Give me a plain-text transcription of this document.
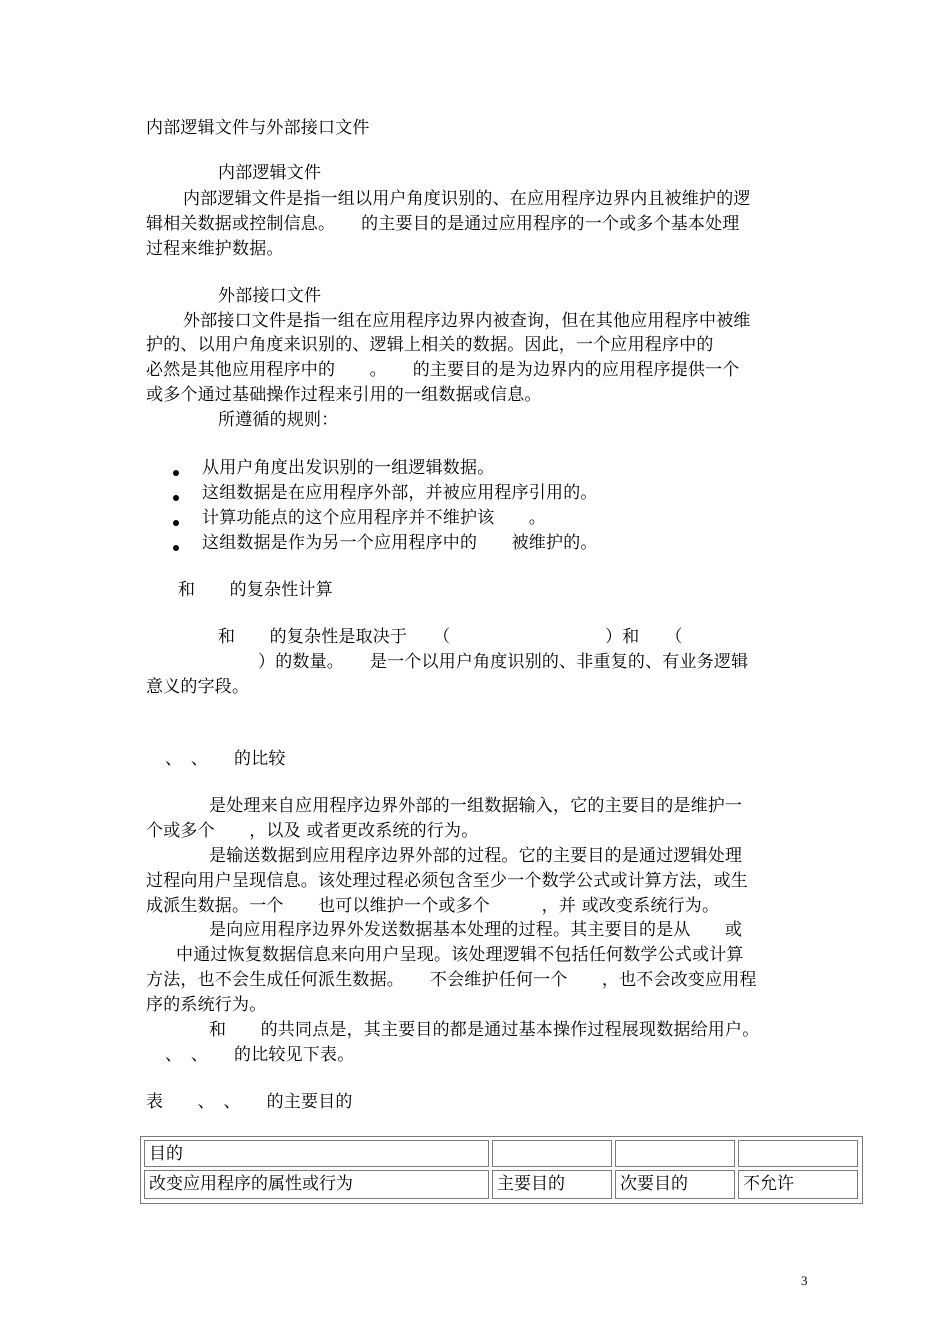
内部逻辑文件与外部接口文件
内部逻辑文件
内部逻辑文件是指一组以用户角度识别的、在应用程序边界内且被维护的逻
辑相关数据或控制信息。　　的主要目的是通过应用程序的一个或多个基本处理
过程来维护数据。
外部接口文件
外部接口文件是指一组在应用程序边界内被查询，但在其他应用程序中被维
护的、以用户角度来识别的、逻辑上相关的数据。因此，一个应用程序中的
必然是其他应用程序中的　　。　　的主要目的是为边界内的应用程序提供一个
或多个通过基础操作过程来引用的一组数据或信息。
所遵循的规则：
从用户角度出发识别的一组逻辑数据。
这组数据是在应用程序外部，并被应用程序引用的。
计算功能点的这个应用程序并不维护该　　。
这组数据是作为另一个应用程序中的　　被维护的。
和　　的复杂性计算
和　　的复杂性是取决于　　（　　　　　　　　　）和　　（
）的数量。　　是一个以用户角度识别的、非重复的、有业务逻辑
意义的字段。
、　、　　的比较
是处理来自应用程序边界外部的一组数据输入，它的主要目的是维护一
个或多个　　，以及 或者更改系统的行为。
是输送数据到应用程序边界外部的过程。它的主要目的是通过逻辑处理
过程向用户呈现信息。该处理过程必须包含至少一个数学公式或计算方法，或生
成派生数据。一个　　也可以维护一个或多个　　　，并 或改变系统行为。
是向应用程序边界外发送数据基本处理的过程。其主要目的是从　　或
中通过恢复数据信息来向用户呈现。该处理逻辑不包括任何数学公式或计算
方法，也不会生成任何派生数据。　　不会维护任何一个　　，也不会改变应用程
序的系统行为。
和　　的共同点是，其主要目的都是通过基本操作过程展现数据给用户。
、　、　　的比较见下表。
表　　、　、　　的主要目的
目的
改变应用程序的属性或行为	主要目的	次要目的	不允许
3
